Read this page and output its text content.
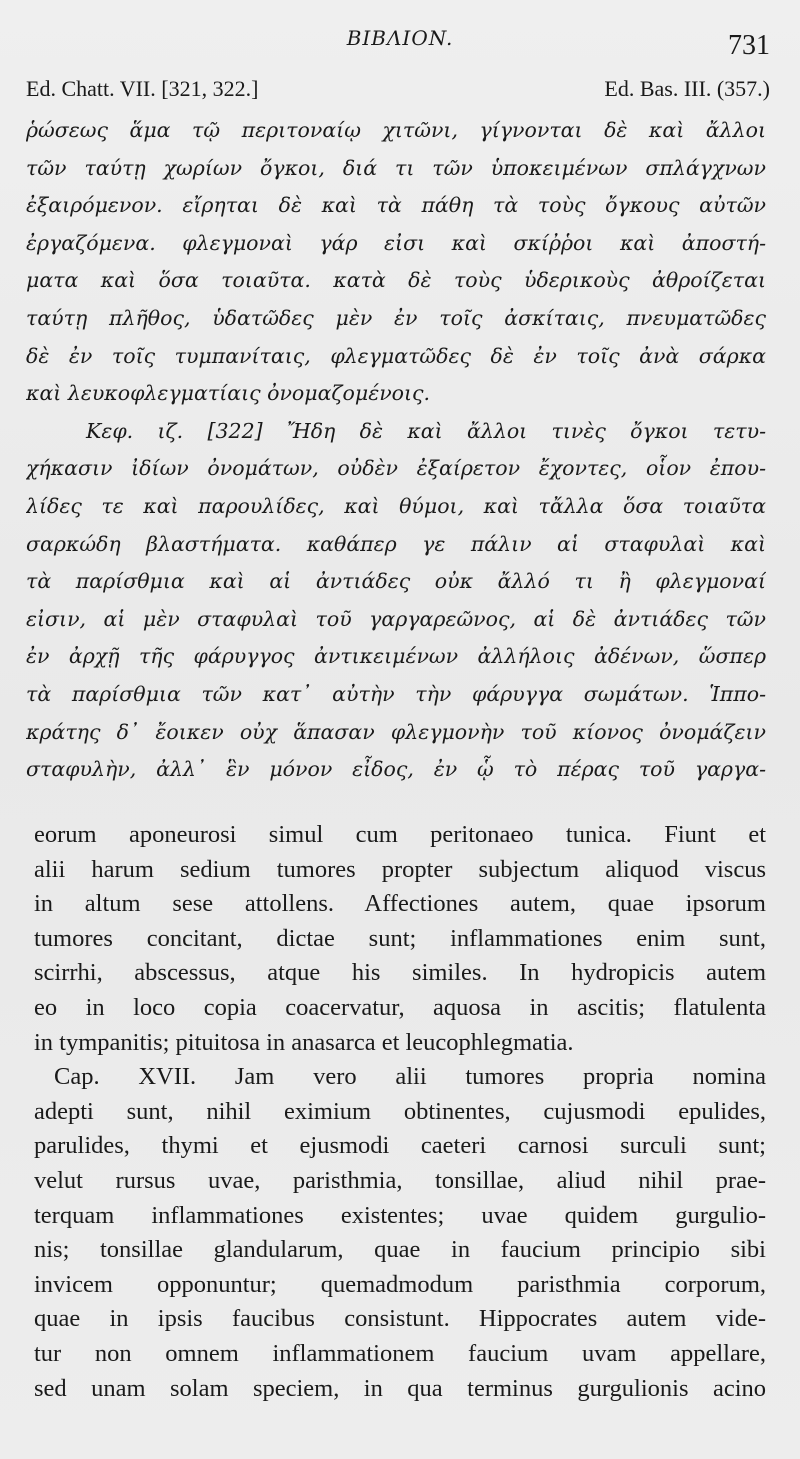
BIBΛION.	731
Ed. Chatt. VII. [321, 322.]	Ed. Bas. III. (357.)
ῥώσεως ἅμα τῷ περιτοναίῳ χιτῶνι, γίγνονται δὲ καὶ ἄλλοι
τῶν ταύτῃ χωρίων ὄγκοι, διά τι τῶν ὑποκειμένων σπλάγχνων
ἐξαιρόμενον. εἴρηται δὲ καὶ τὰ πάθη τὰ τοὺς ὄγκους αὐτῶν
ἐργαζόμενα. φλεγμοναὶ γάρ εἰσι καὶ σκίῤῥοι καὶ ἀποστή-
ματα καὶ ὅσα τοιαῦτα. κατὰ δὲ τοὺς ὑδερικοὺς ἀθροίζεται
ταύτῃ πλῆθος, ὑδατῶδες μὲν ἐν τοῖς ἀσκίταις, πνευματῶδες
δὲ ἐν τοῖς τυμπανίταις, φλεγματῶδες δὲ ἐν τοῖς ἀνὰ σάρκα
καὶ λευκοφλεγματίαις ὀνομαζομένοις.
Κεφ. ιζ. [322] Ἤδη δὲ καὶ ἄλλοι τινὲς ὄγκοι τετυ-
χήκασιν ἰδίων ὀνομάτων, οὐδὲν ἐξαίρετον ἔχοντες, οἷον ἐπου-
λίδες τε καὶ παρουλίδες, καὶ θύμοι, καὶ τἄλλα ὅσα τοιαῦτα
σαρκώδη βλαστήματα. καθάπερ γε πάλιν αἱ σταφυλαὶ καὶ
τὰ παρίσθμια καὶ αἱ ἀντιάδες οὐκ ἄλλό τι ἢ φλεγμοναί
εἰσιν, αἱ μὲν σταφυλαὶ τοῦ γαργαρεῶνος, αἱ δὲ ἀντιάδες τῶν
ἐν ἀρχῇ τῆς φάρυγγος ἀντικειμένων ἀλλήλοις ἀδένων, ὥσπερ
τὰ παρίσθμια τῶν κατ᾽ αὐτὴν τὴν φάρυγγα σωμάτων. Ἱππο-
κράτης δ᾽ ἔοικεν οὐχ ἅπασαν φλεγμονὴν τοῦ κίονος ὀνομάζειν
σταφυλὴν, ἀλλ᾽ ἓν μόνον εἶδος, ἐν ᾧ τὸ πέρας τοῦ γαργα-
eorum aponeurosi simul cum peritonaeo tunica. Fiunt et
alii harum sedium tumores propter subjectum aliquod viscus
in altum sese attollens. Affectiones autem, quae ipsorum
tumores concitant, dictae sunt; inflammationes enim sunt,
scirrhi, abscessus, atque his similes. In hydropicis autem
eo in loco copia coacervatur, aquosa in ascitis; flatulenta
in tympanitis; pituitosa in anasarca et leucophlegmatia.
Cap. XVII. Jam vero alii tumores propria nomina
adepti sunt, nihil eximium obtinentes, cujusmodi epulides,
parulides, thymi et ejusmodi caeteri carnosi surculi sunt;
velut rursus uvae, paristhmia, tonsillae, aliud nihil prae-
terquam inflammationes existentes; uvae quidem gurgulio-
nis; tonsillae glandularum, quae in faucium principio sibi
invicem opponuntur; quemadmodum paristhmia corporum,
quae in ipsis faucibus consistunt. Hippocrates autem vide-
tur non omnem inflammationem faucium uvam appellare,
sed unam solam speciem, in qua terminus gurgulionis acino
